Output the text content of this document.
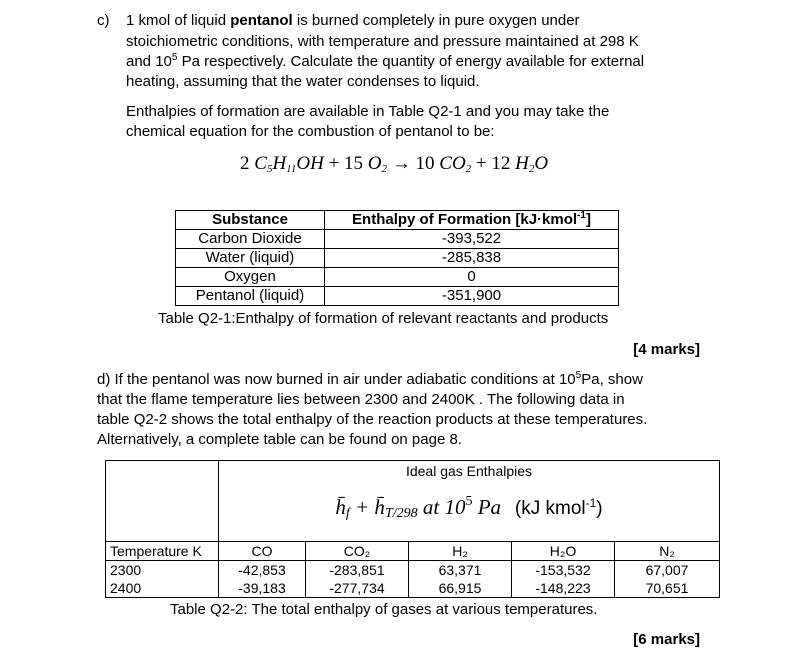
c) 1 kmol of liquid pentanol is burned completely in pure oxygen under
stoichiometric conditions, with temperature and pressure maintained at 298 K
and $10^5$ Pa respectively. Calculate the quantity of energy available for external
heating, assuming that the water condenses to liquid.
Enthalpies of formation are available in Table Q2-1 and you may take the
chemical equation for the combustion of pentanol to be:
2 $C_5H_{11}OH + 15$ $O_2 \to 10$ $CO_2 + 12$ $H_2O$
Substance	Enthalpy of Formation [kJ·kmol$^{-1}$]
Carbon Dioxide	-393,522
Water (liquid)	-285,838
Oxygen	0
Pentanol (liquid)	-351,900
Table Q2-1:Enthalpy of formation of relevant reactants and products
[4 marks]
d) If the pentanol was now burned in air under adiabatic conditions at $10^5Pa$, show
that the flame temperature lies between 2300 and 2400K . The following data in
table Q2-2 shows the total enthalpy of the reaction products at these temperatures.
Alternatively, a complete table can be found on page 8.

	Ideal gas Enthalpies
$h̄_f$ + $h̄_{T/298}$ at $10^5$ Pa (kJ kmol$^{-1}$)				

Temperature K	CO	CO₂	H₂	H₂O	N₂
2300	-42,853	-283,851	63,371	-153,532	67,007
2400	-39,183	-277,734	66,915	-148,223	70,651
Table Q2-2: The total enthalpy of gases at various temperatures.
[6 marks]
